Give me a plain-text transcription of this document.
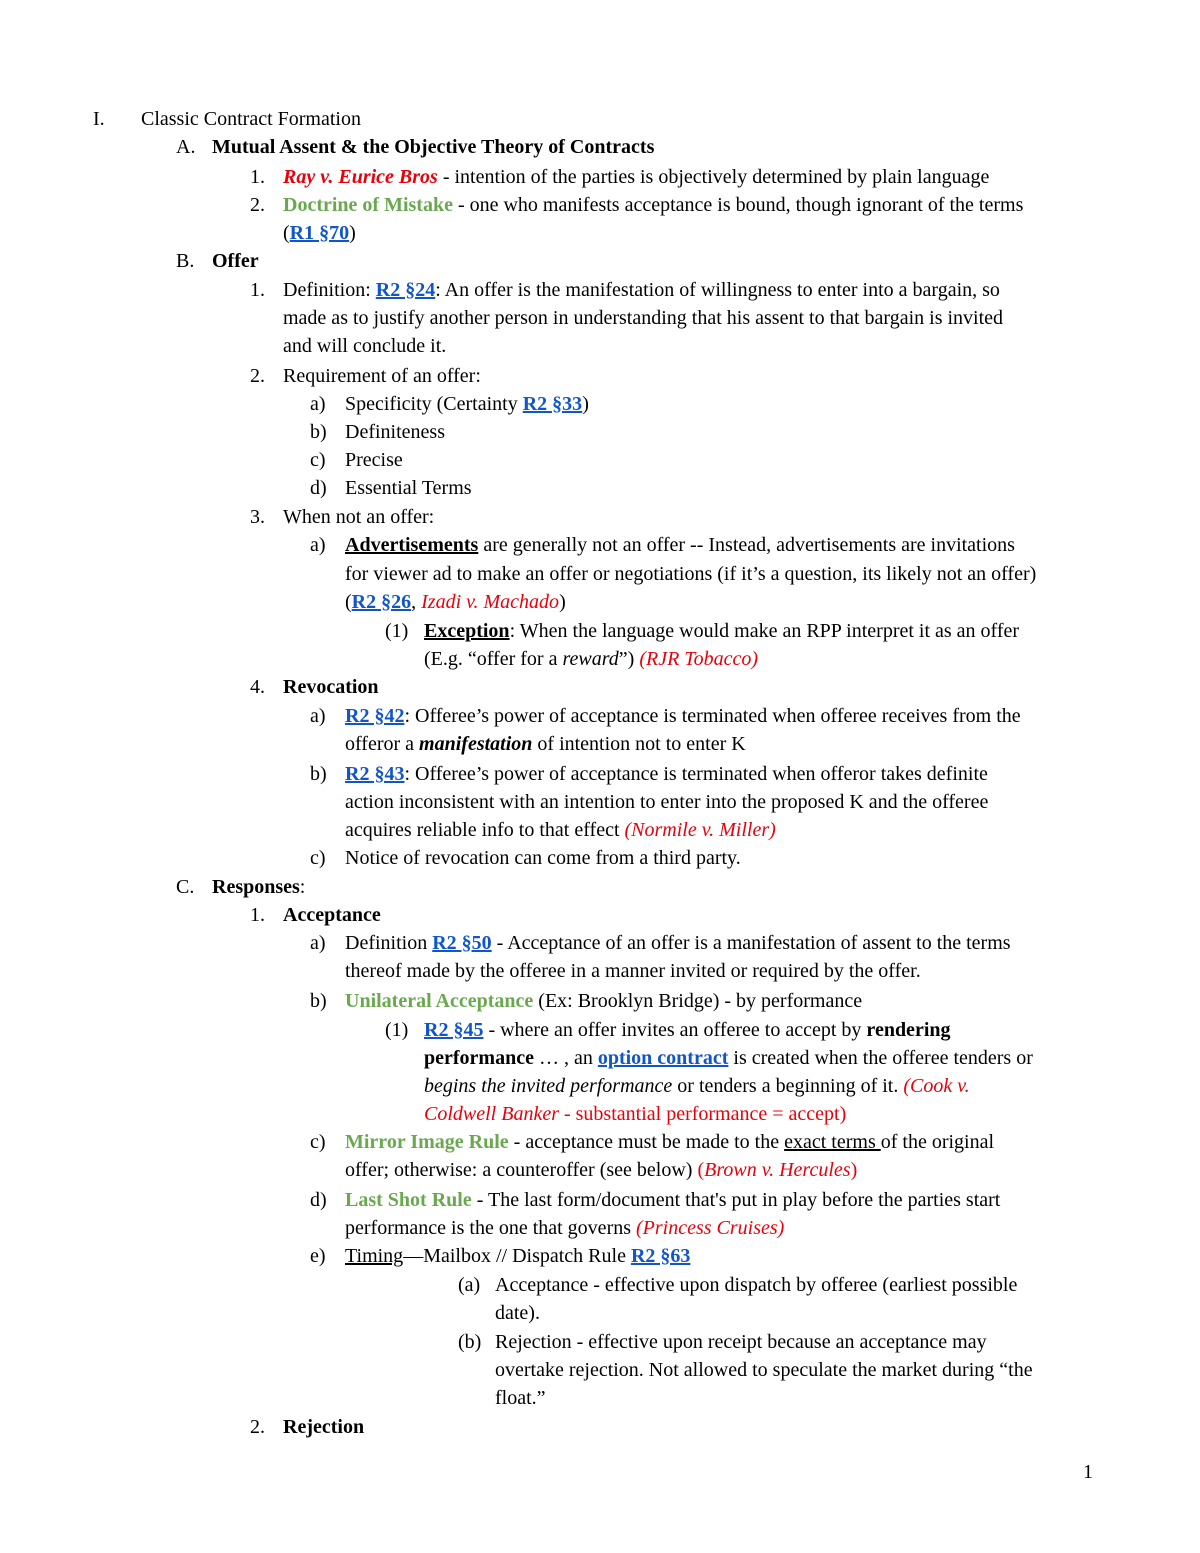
I. Classic Contract Formation
A. Mutual Assent & the Objective Theory of Contracts
1. Ray v. Eurice Bros - intention of the parties is objectively determined by plain language
2. Doctrine of Mistake - one who manifests acceptance is bound, though ignorant of the terms
(R1 §70)
B. Offer
1. Definition: R2 §24: An offer is the manifestation of willingness to enter into a bargain, so
made as to justify another person in understanding that his assent to that bargain is invited
and will conclude it.
2. Requirement of an offer:
a) Specificity (Certainty R2 §33)
b) Definiteness
c) Precise
d) Essential Terms
3. When not an offer:
a) Advertisements are generally not an offer -- Instead, advertisements are invitations
for viewer ad to make an offer or negotiations (if it’s a question, its likely not an offer)
(R2 §26, Izadi v. Machado)
(1) Exception: When the language would make an RPP interpret it as an offer
(E.g. “offer for a reward”) (RJR Tobacco)
4. Revocation
a) R2 §42: Offeree’s power of acceptance is terminated when offeree receives from the
offeror a manifestation of intention not to enter K
b) R2 §43: Offeree’s power of acceptance is terminated when offeror takes definite
action inconsistent with an intention to enter into the proposed K and the offeree
acquires reliable info to that effect (Normile v. Miller)
c) Notice of revocation can come from a third party.
C. Responses:
1. Acceptance
a) Definition R2 §50 - Acceptance of an offer is a manifestation of assent to the terms
thereof made by the offeree in a manner invited or required by the offer.
b) Unilateral Acceptance (Ex: Brooklyn Bridge) - by performance
(1) R2 §45 - where an offer invites an offeree to accept by rendering
performance … , an option contract is created when the offeree tenders or
begins the invited performance or tenders a beginning of it. (Cook v.
Coldwell Banker - substantial performance = accept)
c) Mirror Image Rule - acceptance must be made to the exact terms of the original
offer; otherwise: a counteroffer (see below) (Brown v. Hercules)
d) Last Shot Rule - The last form/document that's put in play before the parties start
performance is the one that governs (Princess Cruises)
e) Timing—Mailbox // Dispatch Rule R2 §63
(a) Acceptance - effective upon dispatch by offeree (earliest possible
date).
(b) Rejection - effective upon receipt because an acceptance may
overtake rejection. Not allowed to speculate the market during “the
float.”
2. Rejection
1
